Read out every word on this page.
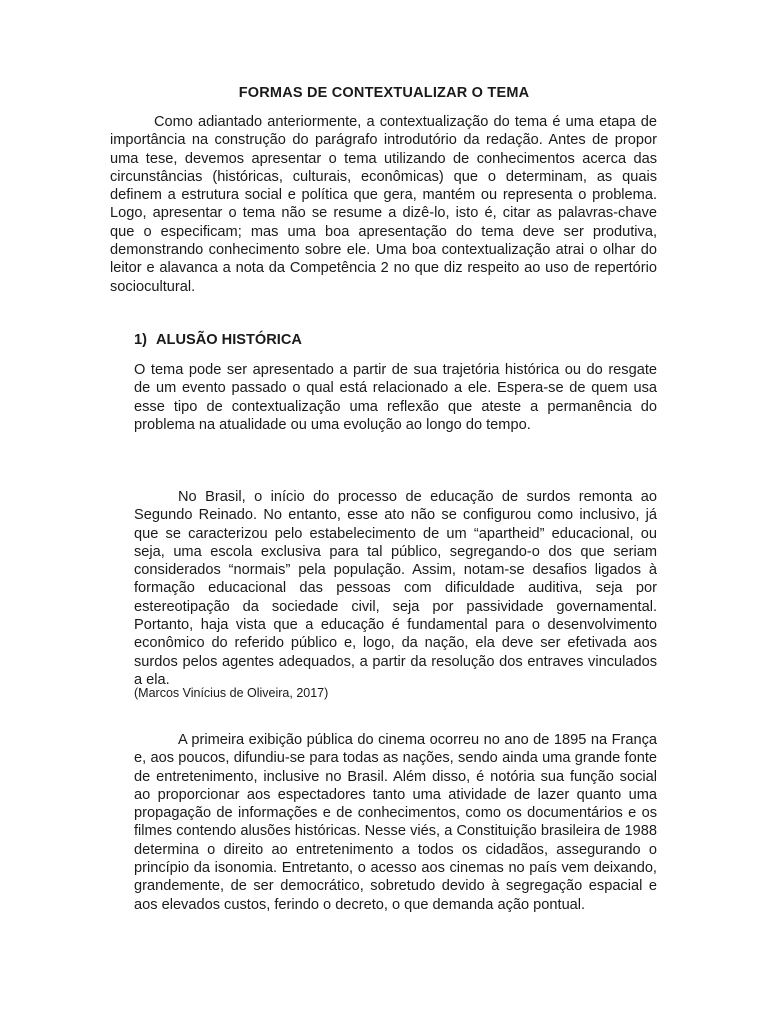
FORMAS DE CONTEXTUALIZAR O TEMA

Como adiantado anteriormente, a contextualização do tema é uma etapa de importância na construção do parágrafo introdutório da redação. Antes de propor uma tese, devemos apresentar o tema utilizando de conhecimentos acerca das circunstâncias (históricas, culturais, econômicas) que o determinam, as quais definem a estrutura social e política que gera, mantém ou representa o problema. Logo, apresentar o tema não se resume a dizê-lo, isto é, citar as palavras-chave que o especificam; mas uma boa apresentação do tema deve ser produtiva, demonstrando conhecimento sobre ele. Uma boa contextualização atrai o olhar do leitor e alavanca a nota da Competência 2 no que diz respeito ao uso de repertório sociocultural.

1) ALUSÃO HISTÓRICA

O tema pode ser apresentado a partir de sua trajetória histórica ou do resgate de um evento passado o qual está relacionado a ele. Espera-se de quem usa esse tipo de contextualização uma reflexão que ateste a permanência do problema na atualidade ou uma evolução ao longo do tempo.

No Brasil, o início do processo de educação de surdos remonta ao Segundo Reinado. No entanto, esse ato não se configurou como inclusivo, já que se caracterizou pelo estabelecimento de um “apartheid” educacional, ou seja, uma escola exclusiva para tal público, segregando-o dos que seriam considerados “normais” pela população. Assim, notam-se desafios ligados à formação educacional das pessoas com dificuldade auditiva, seja por estereotipação da sociedade civil, seja por passividade governamental. Portanto, haja vista que a educação é fundamental para o desenvolvimento econômico do referido público e, logo, da nação, ela deve ser efetivada aos surdos pelos agentes adequados, a partir da resolução dos entraves vinculados a ela.

(Marcos Vinícius de Oliveira, 2017)

A primeira exibição pública do cinema ocorreu no ano de 1895 na França e, aos poucos, difundiu-se para todas as nações, sendo ainda uma grande fonte de entretenimento, inclusive no Brasil. Além disso, é notória sua função social ao proporcionar aos espectadores tanto uma atividade de lazer quanto uma propagação de informações e de conhecimentos, como os documentários e os filmes contendo alusões históricas. Nesse viés, a Constituição brasileira de 1988 determina o direito ao entretenimento a todos os cidadãos, assegurando o princípio da isonomia. Entretanto, o acesso aos cinemas no país vem deixando, grandemente, de ser democrático, sobretudo devido à segregação espacial e aos elevados custos, ferindo o decreto, o que demanda ação pontual.
